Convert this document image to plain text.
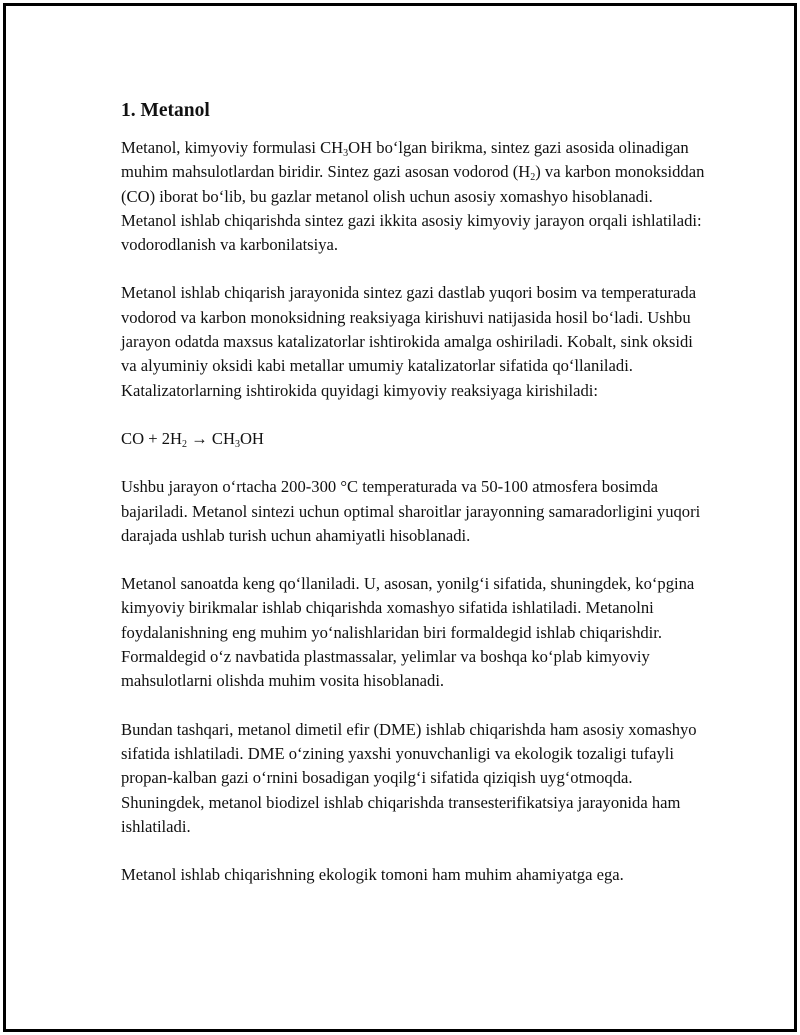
1. Metanol

Metanol, kimyoviy formulasi $CH_3OH$ bo‘lgan birikma, sintez gazi asosida olinadigan muhim mahsulotlardan biridir. Sintez gazi asosan vodorod $(H_2)$ va karbon monoksiddan (CO) iborat bo‘lib, bu gazlar metanol olish uchun asosiy xomashyo hisoblanadi. Metanol ishlab chiqarishda sintez gazi ikkita asosiy kimyoviy jarayon orqali ishlatiladi: vodorodlanish va karbonilatsiya.

Metanol ishlab chiqarish jarayonida sintez gazi dastlab yuqori bosim va temperaturada vodorod va karbon monoksidning reaksiyaga kirishuvi natijasida hosil bo‘ladi. Ushbu jarayon odatda maxsus katalizatorlar ishtirokida amalga oshiriladi. Kobalt, sink oksidi va alyuminiy oksidi kabi metallar umumiy katalizatorlar sifatida qo‘llaniladi. Katalizatorlarning ishtirokida quyidagi kimyoviy reaksiyaga kirishiladi:

CO + $2H_2 \to CH_3OH$

Ushbu jarayon o‘rtacha 200-300 °C temperaturada va 50-100 atmosfera bosimda bajariladi. Metanol sintezi uchun optimal sharoitlar jarayonning samaradorligini yuqori darajada ushlab turish uchun ahamiyatli hisoblanadi.

Metanol sanoatda keng qo‘llaniladi. U, asosan, yonilg‘i sifatida, shuningdek, ko‘pgina kimyoviy birikmalar ishlab chiqarishda xomashyo sifatida ishlatiladi. Metanolni foydalanishning eng muhim yo‘nalishlaridan biri formaldegid ishlab chiqarishdir. Formaldegid o‘z navbatida plastmassalar, yelimlar va boshqa ko‘plab kimyoviy mahsulotlarni olishda muhim vosita hisoblanadi.

Bundan tashqari, metanol dimetil efir (DME) ishlab chiqarishda ham asosiy xomashyo sifatida ishlatiladi. DME o‘zining yaxshi yonuvchanligi va ekologik tozaligi tufayli propan-kalban gazi o‘rnini bosadigan yoqilg‘i sifatida qiziqish uyg‘otmoqda. Shuningdek, metanol biodizel ishlab chiqarishda transesterifikatsiya jarayonida ham ishlatiladi.

Metanol ishlab chiqarishning ekologik tomoni ham muhim ahamiyatga ega.
